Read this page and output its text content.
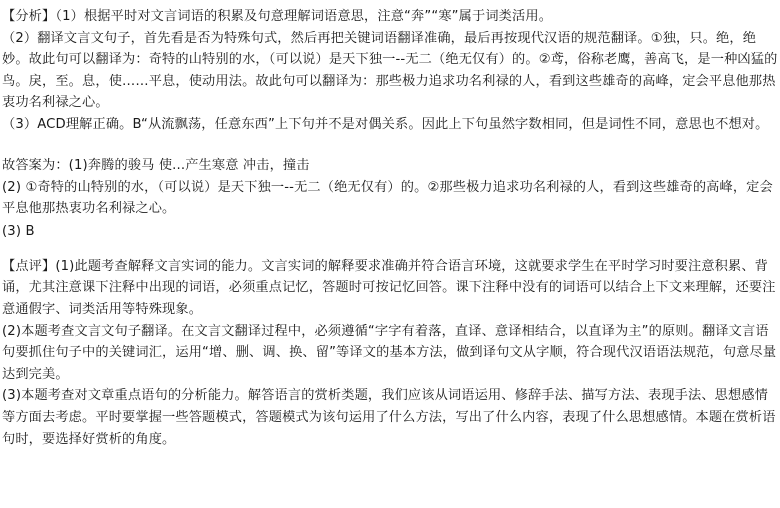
【分析】（1）根据平时对文言词语的积累及句意理解词语意思，注意“奔”“寒”属于词类活用。
（2）翻译文言文句子，首先看是否为特殊句式，然后再把关键词语翻译准确，最后再按现代汉语的规范翻译。①独，只。绝，绝妙。故此句可以翻译为：奇特的山特别的水，（可以说）是天下独一--无二（绝无仅有）的。②鸢，俗称老鹰，善高飞，是一种凶猛的鸟。戾，至。息，使……平息，使动用法。故此句可以翻译为：那些极力追求功名利禄的人，看到这些雄奇的高峰，定会平息他那热衷功名利禄之心。
（3）ACD理解正确。B“从流飘荡，任意东西”上下句并不是对偶关系。因此上下句虽然字数相同，但是词性不同，意思也不想对。
故答案为：(1)奔腾的骏马 使...产生寒意 冲击，撞击
(2) ①奇特的山特别的水，（可以说）是天下独一--无二（绝无仅有）的。②那些极力追求功名利禄的人，看到这些雄奇的高峰，定会平息他那热衷功名利禄之心。
(3) B
【点评】(1)此题考查解释文言实词的能力。文言实词的解释要求准确并符合语言环境，这就要求学生在平时学习时要注意积累、背诵，尤其注意课下注释中出现的词语，必须重点记忆，答题时可按记忆回答。课下注释中没有的词语可以结合上下文来理解，还要注意通假字、词类活用等特殊现象。
(2)本题考查文言文句子翻译。在文言文翻译过程中，必须遵循“字字有着落，直译、意译相结合，以直译为主”的原则。翻译文言语句要抓住句子中的关键词汇，运用“增、删、调、换、留”等译文的基本方法，做到译句文从字顺，符合现代汉语语法规范，句意尽量达到完美。
(3)本题考查对文章重点语句的分析能力。解答语言的赏析类题，我们应该从词语运用、修辞手法、描写方法、表现手法、思想感情等方面去考虑。平时要掌握一些答题模式，答题模式为该句运用了什么方法，写出了什么内容，表现了什么思想感情。本题在赏析语句时，要选择好赏析的角度。
